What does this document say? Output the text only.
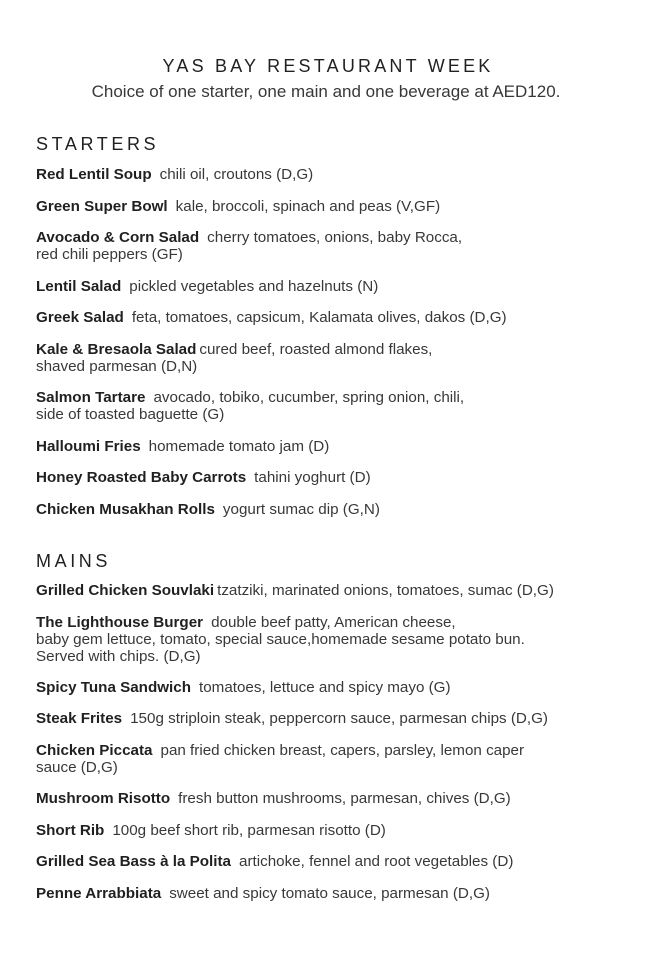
YAS BAY RESTAURANT WEEK
Choice of one starter, one main and one beverage at AED120.
STARTERS
Red Lentil Soup chili oil, croutons (D,G)
Green Super Bowl kale, broccoli, spinach and peas (V,GF)
Avocado & Corn Salad cherry tomatoes, onions, baby Rocca,
red chili peppers (GF)
Lentil Salad pickled vegetables and hazelnuts (N)
Greek Salad feta, tomatoes, capsicum, Kalamata olives, dakos (D,G)
Kale & Bresaola Salad cured beef, roasted almond flakes,
shaved parmesan (D,N)
Salmon Tartare avocado, tobiko, cucumber, spring onion, chili,
side of toasted baguette (G)
Halloumi Fries homemade tomato jam (D)
Honey Roasted Baby Carrots tahini yoghurt (D)
Chicken Musakhan Rolls yogurt sumac dip (G,N)
MAINS
Grilled Chicken Souvlaki tzatziki, marinated onions, tomatoes, sumac (D,G)
The Lighthouse Burger double beef patty, American cheese,
baby gem lettuce, tomato, special sauce,homemade sesame potato bun.
Served with chips. (D,G)
Spicy Tuna Sandwich tomatoes, lettuce and spicy mayo (G)
Steak Frites 150g striploin steak, peppercorn sauce, parmesan chips (D,G)
Chicken Piccata pan fried chicken breast, capers, parsley, lemon caper
sauce (D,G)
Mushroom Risotto fresh button mushrooms, parmesan, chives (D,G)
Short Rib 100g beef short rib, parmesan risotto (D)
Grilled Sea Bass à la Polita artichoke, fennel and root vegetables (D)
Penne Arrabbiata sweet and spicy tomato sauce, parmesan (D,G)
